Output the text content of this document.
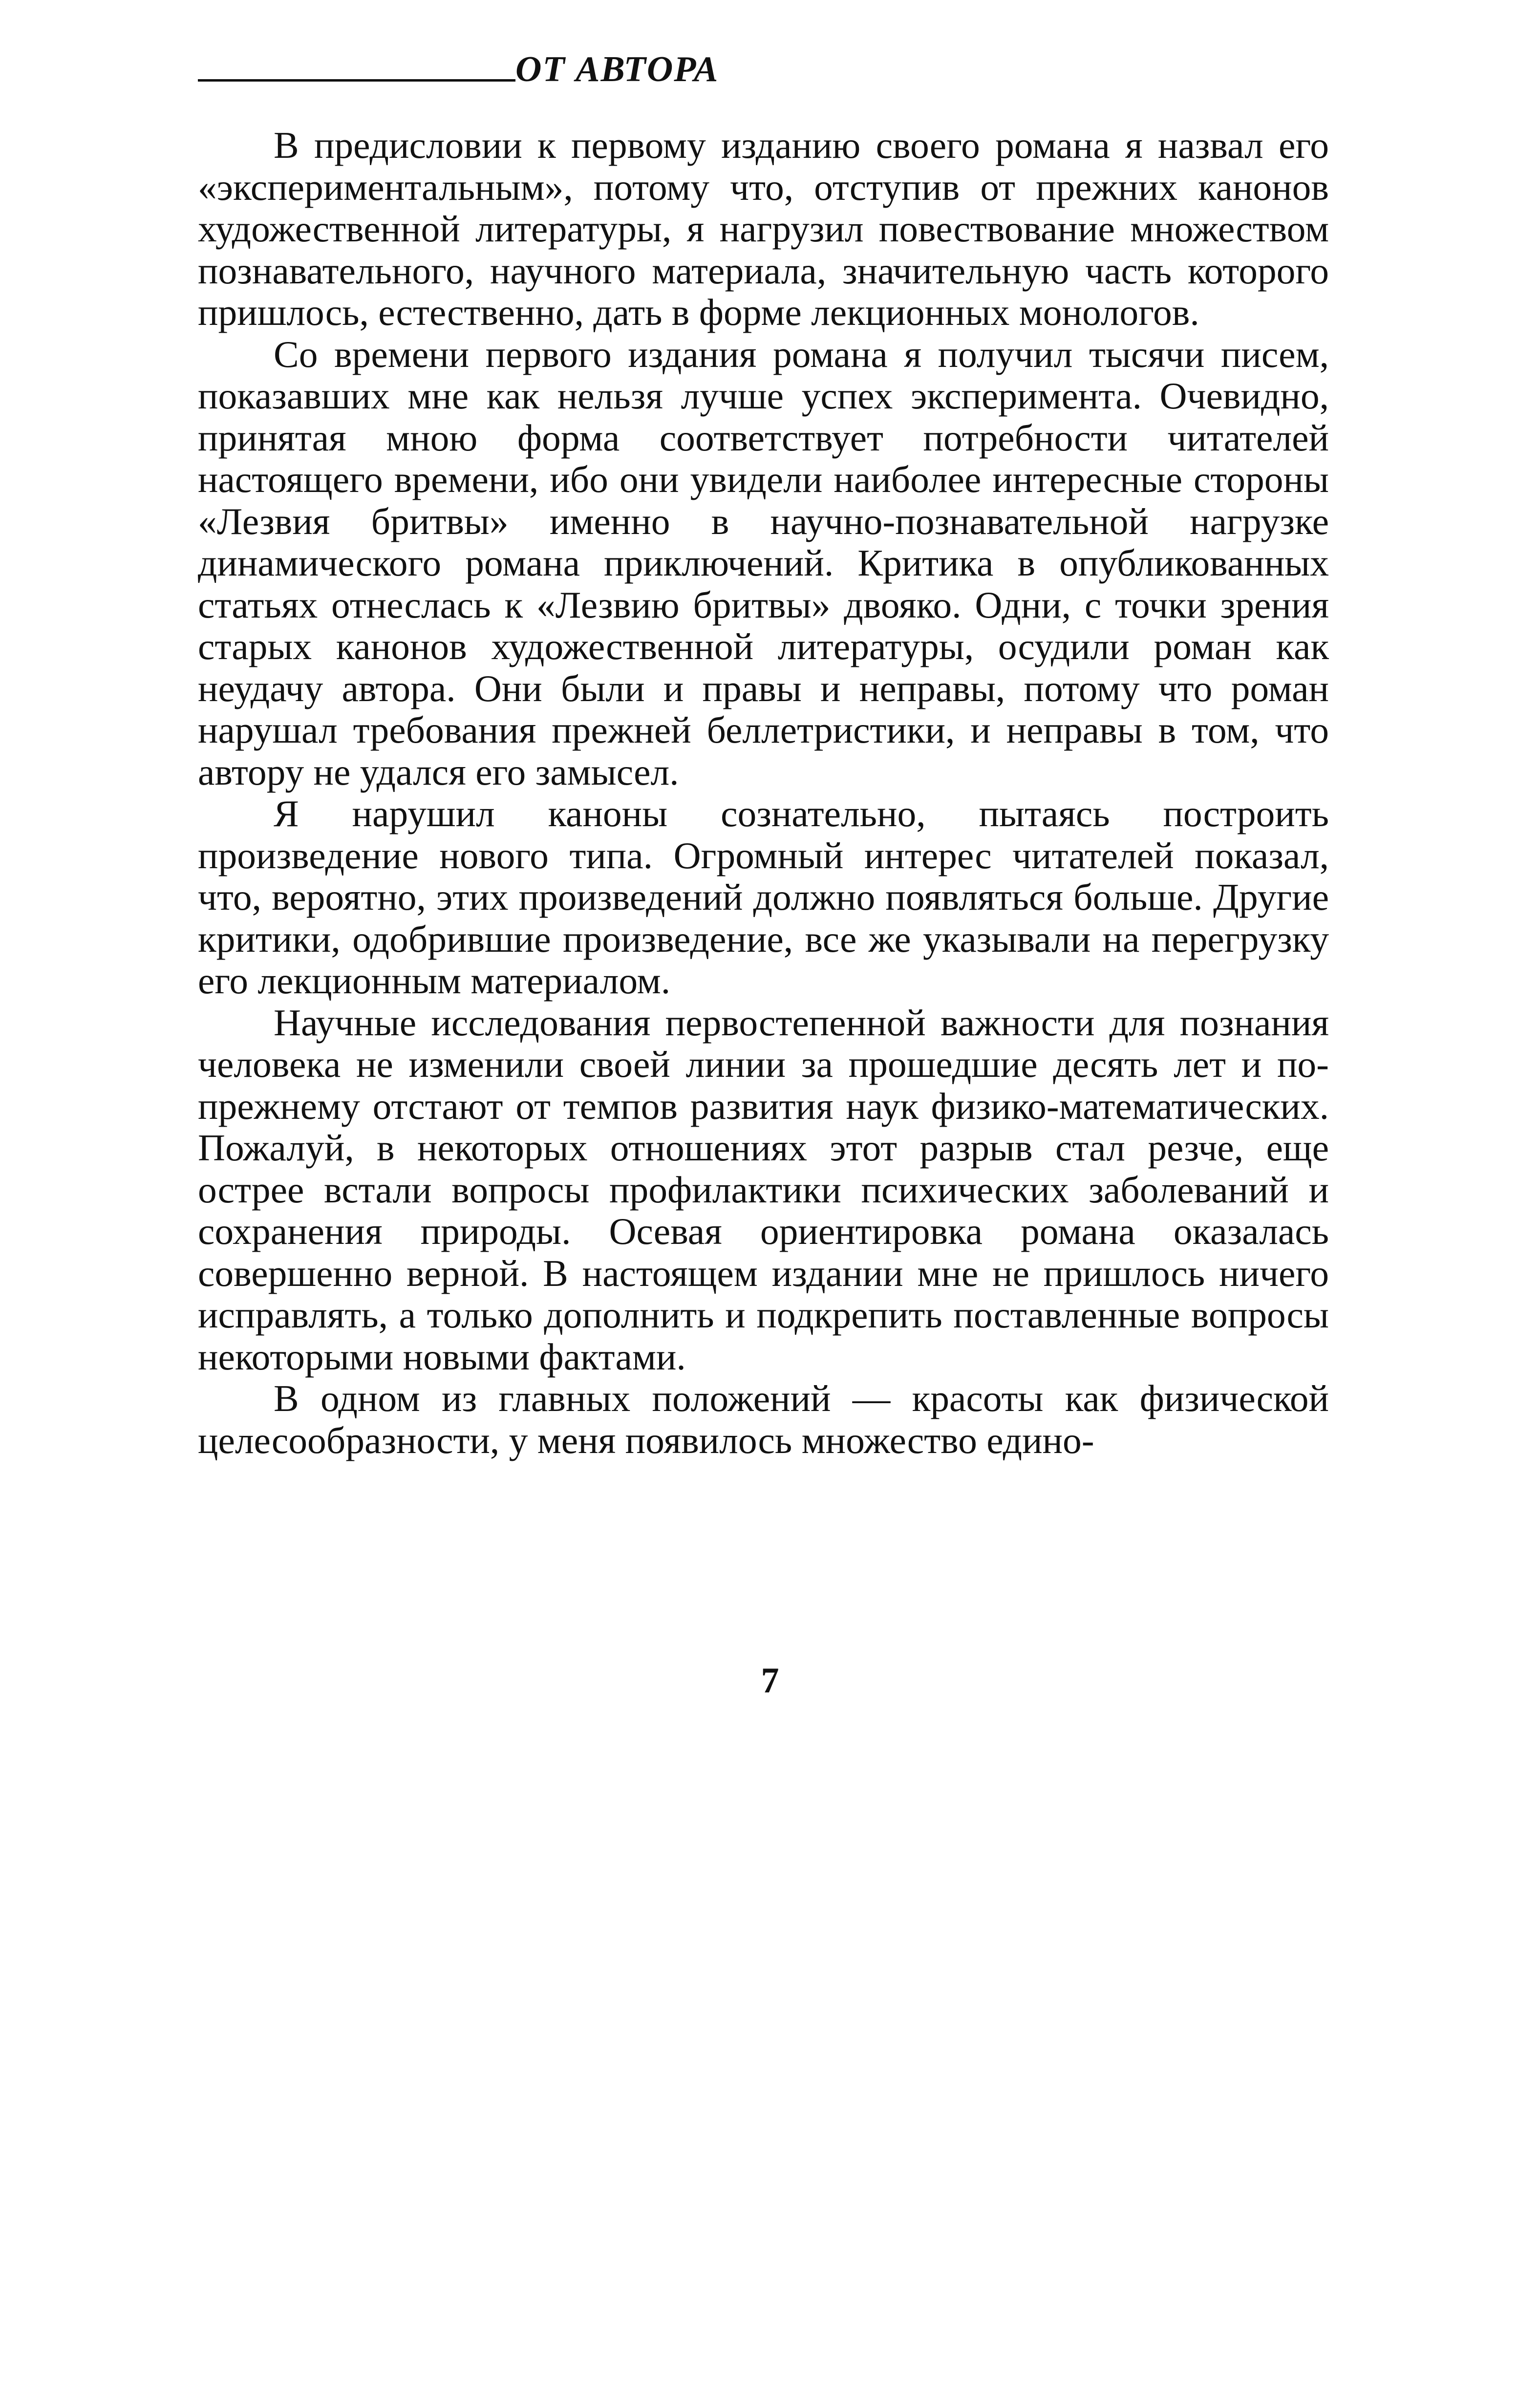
ОТ АВТОРА

В предисловии к первому изданию своего романа я назвал его «экспериментальным», потому что, отступив от прежних канонов художественной литературы, я нагрузил повествование множеством познавательного, научного материала, значительную часть которого пришлось, естественно, дать в форме лекционных монологов.

Со времени первого издания романа я получил тысячи писем, показавших мне как нельзя лучше успех эксперимента. Очевидно, принятая мною форма соответствует потребности читателей настоящего времени, ибо они увидели наиболее интересные стороны «Лезвия бритвы» именно в научно-познавательной нагрузке динамического романа приключений. Критика в опубликованных статьях отнеслась к «Лезвию бритвы» двояко. Одни, с точки зрения старых канонов художественной литературы, осудили роман как неудачу автора. Они были и правы и неправы, потому что роман нарушал требования прежней беллетристики, и неправы в том, что автору не удался его замысел.

Я нарушил каноны сознательно, пытаясь построить произведение нового типа. Огромный интерес читателей показал, что, вероятно, этих произведений должно появляться больше. Другие критики, одобрившие произведение, все же указывали на перегрузку его лекционным материалом.

Научные исследования первостепенной важности для познания человека не изменили своей линии за прошедшие десять лет и по-прежнему отстают от темпов развития наук физико-математических. Пожалуй, в некоторых отношениях этот разрыв стал резче, еще острее встали вопросы профилактики психических заболеваний и сохранения природы. Осевая ориентировка романа оказалась совершенно верной. В настоящем издании мне не пришлось ничего исправлять, а только дополнить и подкрепить поставленные вопросы некоторыми новыми фактами.

В одном из главных положений — красоты как физической целесообразности, у меня появилось множество едино-

7
